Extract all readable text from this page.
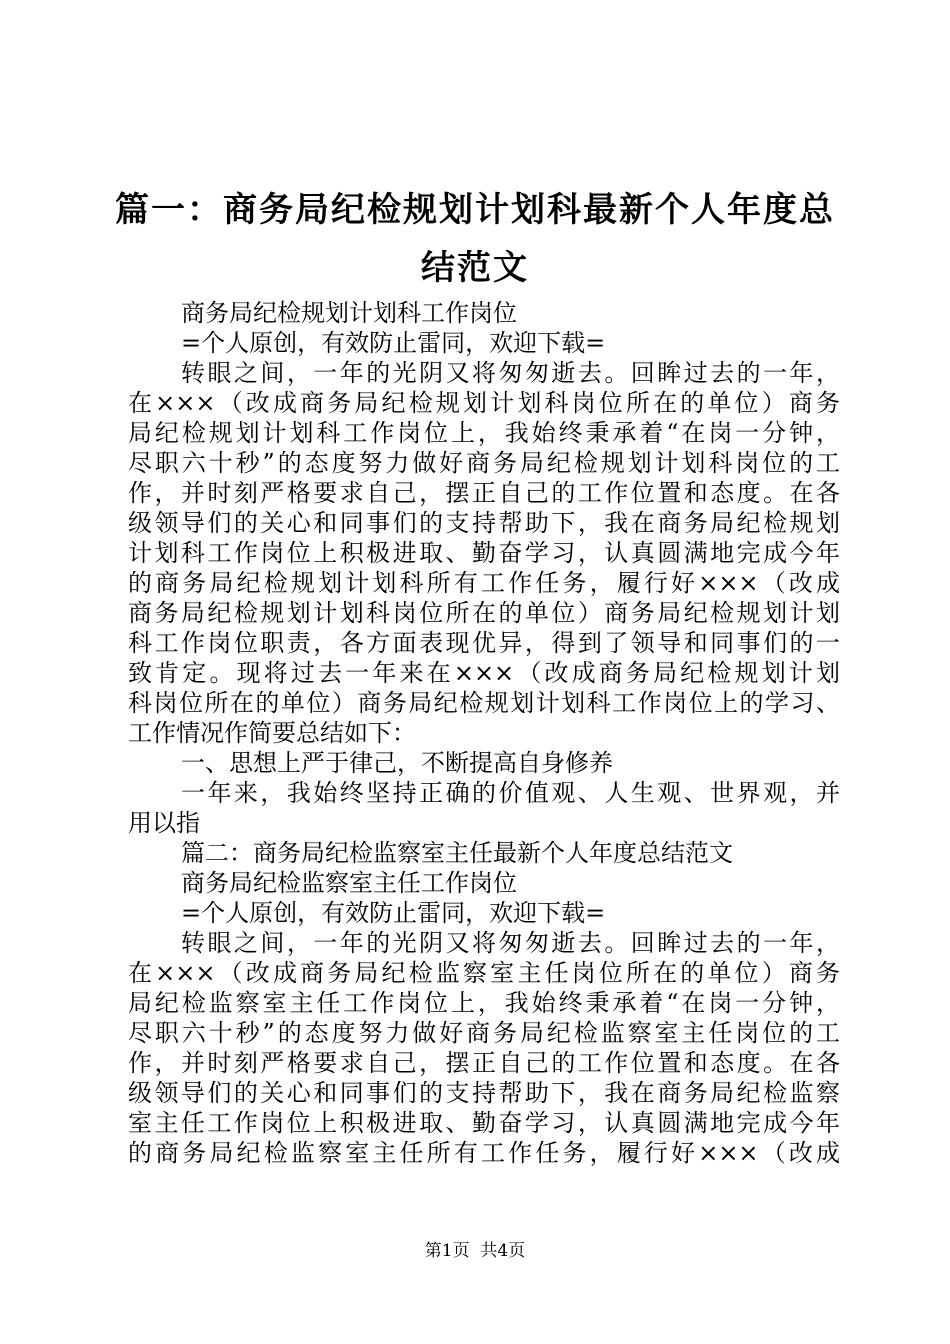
篇一：商务局纪检规划计划科最新个人年度总
结范文
商务局纪检规划计划科工作岗位
=个人原创，有效防止雷同，欢迎下载=
转眼之间，一年的光阴又将匆匆逝去。回眸过去的一年，
在×××（改成商务局纪检规划计划科岗位所在的单位）商务
局纪检规划计划科工作岗位上，我始终秉承着“在岗一分钟，
尽职六十秒”的态度努力做好商务局纪检规划计划科岗位的工
作，并时刻严格要求自己，摆正自己的工作位置和态度。在各
级领导们的关心和同事们的支持帮助下，我在商务局纪检规划
计划科工作岗位上积极进取、勤奋学习，认真圆满地完成今年
的商务局纪检规划计划科所有工作任务，履行好×××（改成
商务局纪检规划计划科岗位所在的单位）商务局纪检规划计划
科工作岗位职责，各方面表现优异，得到了领导和同事们的一
致肯定。现将过去一年来在×××（改成商务局纪检规划计划
科岗位所在的单位）商务局纪检规划计划科工作岗位上的学习、
工作情况作简要总结如下：
一、思想上严于律己，不断提高自身修养
一年来，我始终坚持正确的价值观、人生观、世界观，并
用以指
篇二：商务局纪检监察室主任最新个人年度总结范文
商务局纪检监察室主任工作岗位
=个人原创，有效防止雷同，欢迎下载=
转眼之间，一年的光阴又将匆匆逝去。回眸过去的一年，
在×××（改成商务局纪检监察室主任岗位所在的单位）商务
局纪检监察室主任工作岗位上，我始终秉承着“在岗一分钟，
尽职六十秒”的态度努力做好商务局纪检监察室主任岗位的工
作，并时刻严格要求自己，摆正自己的工作位置和态度。在各
级领导们的关心和同事们的支持帮助下，我在商务局纪检监察
室主任工作岗位上积极进取、勤奋学习，认真圆满地完成今年
的商务局纪检监察室主任所有工作任务，履行好×××（改成
第1页  共4页
